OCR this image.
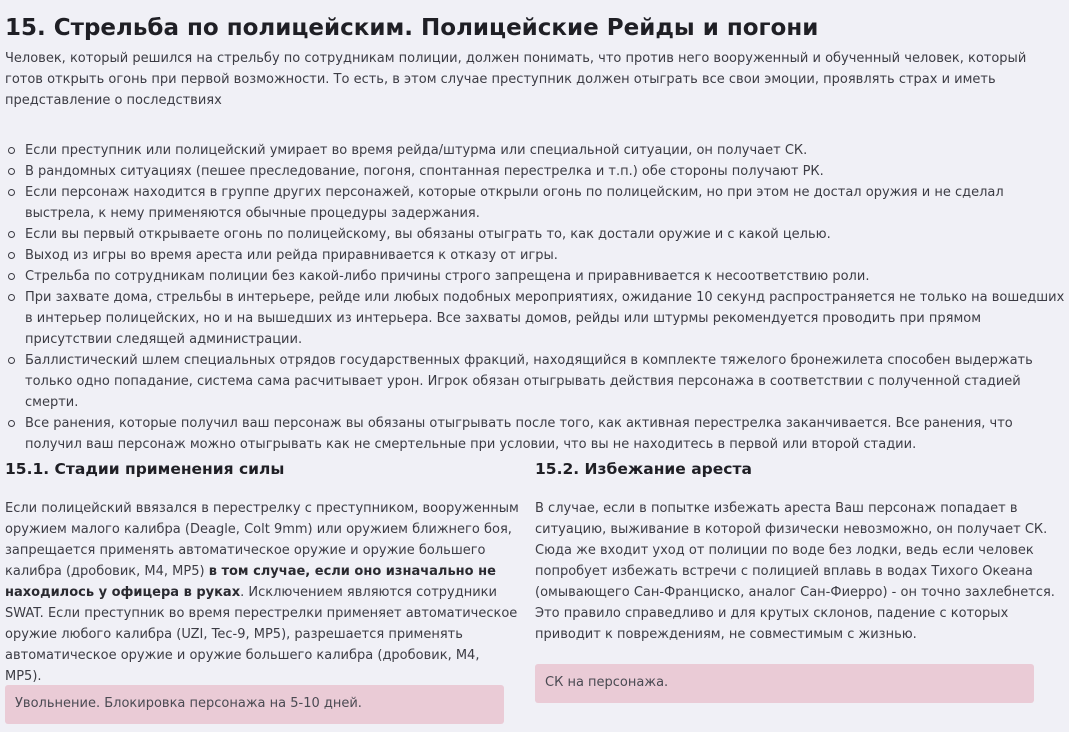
15. Стрельба по полицейским. Полицейские Рейды и погони

Человек, который решился на стрельбу по сотрудникам полиции, должен понимать, что против него вооруженный и обученный человек, который готов открыть огонь при первой возможности. То есть, в этом случае преступник должен отыграть все свои эмоции, проявлять страх и иметь представление о последствиях

Если преступник или полицейский умирает во время рейда/штурма или специальной ситуации, он получает СК.
В рандомных ситуациях (пешее преследование, погоня, спонтанная перестрелка и т.п.) обе стороны получают РК.
Если персонаж находится в группе других персонажей, которые открыли огонь по полицейским, но при этом не достал оружия и не сделал выстрела, к нему применяются обычные процедуры задержания.
Если вы первый открываете огонь по полицейскому, вы обязаны отыграть то, как достали оружие и с какой целью.
Выход из игры во время ареста или рейда приравнивается к отказу от игры.
Стрельба по сотрудникам полиции без какой-либо причины строго запрещена и приравнивается к несоответствию роли.
При захвате дома, стрельбы в интерьере, рейде или любых подобных мероприятиях, ожидание 10 секунд распространяется не только на вошедших в интерьер полицейских, но и на вышедших из интерьера. Все захваты домов, рейды или штурмы рекомендуется проводить при прямом присутствии следящей администрации.
Баллистический шлем специальных отрядов государственных фракций, находящийся в комплекте тяжелого бронежилета способен выдержать только одно попадание, система сама расчитывает урон. Игрок обязан отыгрывать действия персонажа в соответствии с полученной стадией смерти.
Все ранения, которые получил ваш персонаж вы обязаны отыгрывать после того, как активная перестрелка заканчивается. Все ранения, что получил ваш персонаж можно отыгрывать как не смертельные при условии, что вы не находитесь в первой или второй стадии.
15.1. Стадии применения силы

Если полицейский ввязался в перестрелку с преступником, вооруженным оружием малого калибра (Deagle, Colt 9mm) или оружием ближнего боя, запрещается применять автоматическое оружие и оружие большего калибра (дробовик, M4, MP5) в том случае, если оно изначально не находилось у офицера в руках. Исключением являются сотрудники SWAT. Если преступник во время перестрелки применяет автоматическое оружие любого калибра (UZI, Tec-9, MP5), разрешается применять автоматическое оружие и оружие большего калибра (дробовик, M4, MP5).

Увольнение. Блокировка персонажа на 5-10 дней.
15.2. Избежание ареста

В случае, если в попытке избежать ареста Ваш персонаж попадает в ситуацию, выживание в которой физически невозможно, он получает СК. Сюда же входит уход от полиции по воде без лодки, ведь если человек попробует избежать встречи с полицией вплавь в водах Тихого Океана (омывающего Сан-Франциско, аналог Сан-Фиерро) - он точно захлебнется. Это правило справедливо и для крутых склонов, падение с которых приводит к повреждениям, не совместимым с жизнью.

СК на персонажа.
